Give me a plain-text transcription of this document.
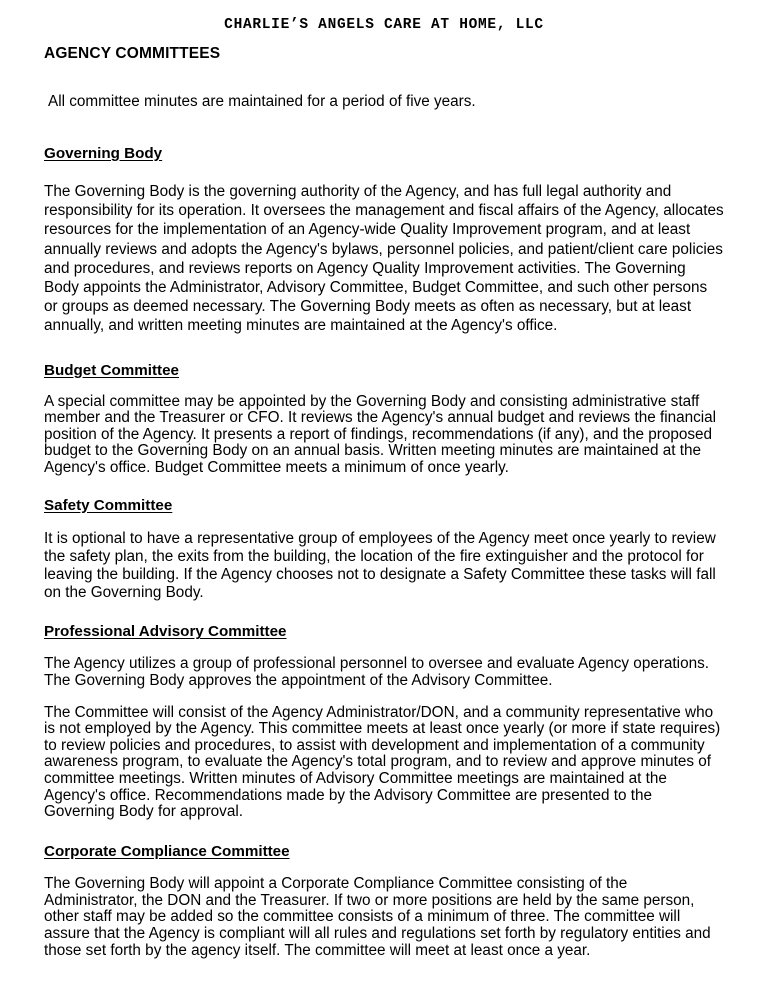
CHARLIE’S ANGELS CARE AT HOME, LLC
AGENCY COMMITTEES

All committee minutes are maintained for a period of five years.

Governing Body

The Governing Body is the governing authority of the Agency, and has full legal authority and responsibility for its operation. It oversees the management and fiscal affairs of the Agency, allocates resources for the implementation of an Agency-wide Quality Improvement program, and at least annually reviews and adopts the Agency's bylaws, personnel policies, and patient/client care policies and procedures, and reviews reports on Agency Quality Improvement activities. The Governing Body appoints the Administrator, Advisory Committee, Budget Committee, and such other persons or groups as deemed necessary. The Governing Body meets as often as necessary, but at least annually, and written meeting minutes are maintained at the Agency's office.

Budget Committee

A special committee may be appointed by the Governing Body and consisting administrative staff member and the Treasurer or CFO. It reviews the Agency's annual budget and reviews the financial position of the Agency. It presents a report of findings, recommendations (if any), and the proposed budget to the Governing Body on an annual basis. Written meeting minutes are maintained at the Agency's office. Budget Committee meets a minimum of once yearly.

Safety Committee

It is optional to have a representative group of employees of the Agency meet once yearly to review the safety plan, the exits from the building, the location of the fire extinguisher and the protocol for leaving the building. If the Agency chooses not to designate a Safety Committee these tasks will fall on the Governing Body.

Professional Advisory Committee

The Agency utilizes a group of professional personnel to oversee and evaluate Agency operations. The Governing Body approves the appointment of the Advisory Committee.

The Committee will consist of the Agency Administrator/DON, and a community representative who is not employed by the Agency. This committee meets at least once yearly (or more if state requires) to review policies and procedures, to assist with development and implementation of a community awareness program, to evaluate the Agency's total program, and to review and approve minutes of committee meetings. Written minutes of Advisory Committee meetings are maintained at the Agency's office. Recommendations made by the Advisory Committee are presented to the Governing Body for approval.

Corporate Compliance Committee

The Governing Body will appoint a Corporate Compliance Committee consisting of the Administrator, the DON and the Treasurer. If two or more positions are held by the same person, other staff may be added so the committee consists of a minimum of three. The committee will assure that the Agency is compliant will all rules and regulations set forth by regulatory entities and those set forth by the agency itself. The committee will meet at least once a year.
